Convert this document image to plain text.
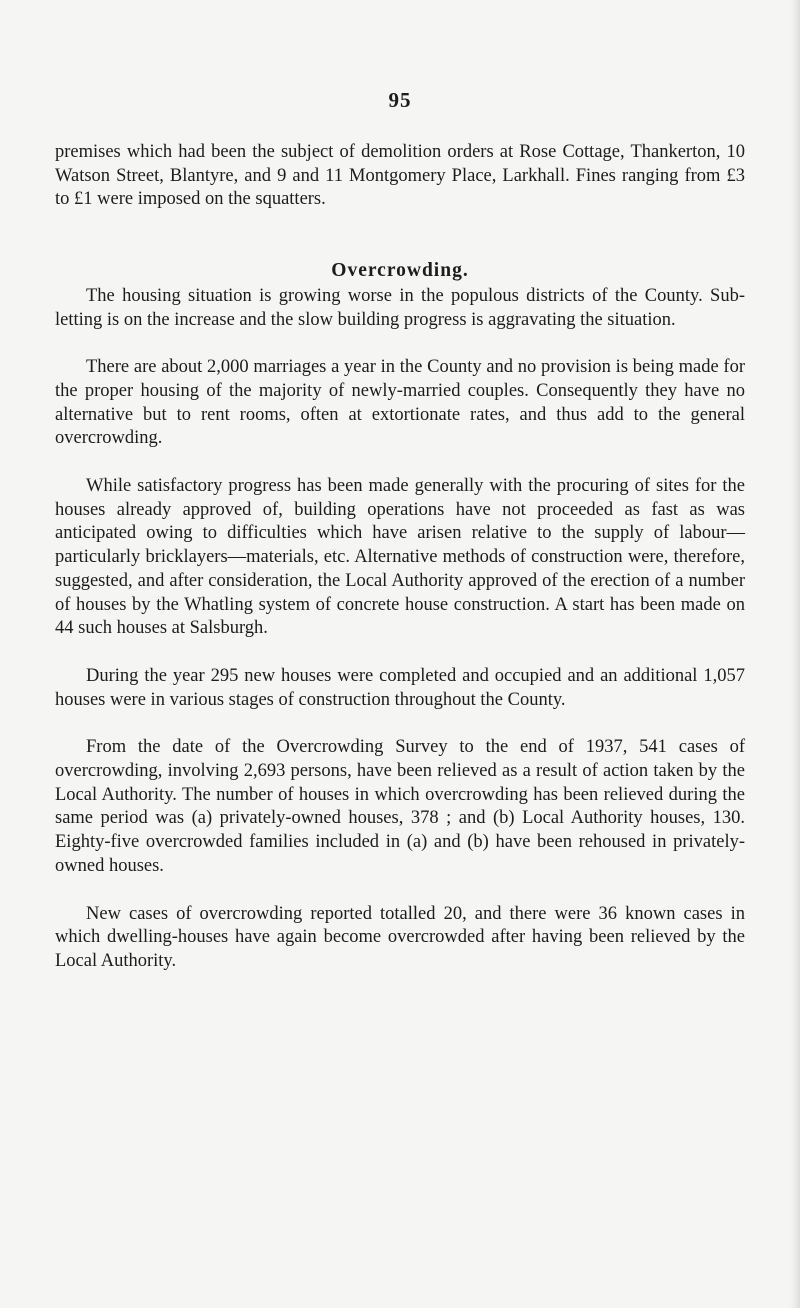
95

premises which had been the subject of demolition orders at Rose Cottage, Thankerton, 10 Watson Street, Blantyre, and 9 and 11 Montgomery Place, Larkhall. Fines ranging from £3 to £1 were imposed on the squatters.

Overcrowding.

The housing situation is growing worse in the populous districts of the County. Sub-letting is on the increase and the slow building progress is aggravating the situation.

There are about 2,000 marriages a year in the County and no provision is being made for the proper housing of the majority of newly-married couples. Consequently they have no alternative but to rent rooms, often at extortionate rates, and thus add to the general overcrowding.

While satisfactory progress has been made generally with the procuring of sites for the houses already approved of, building operations have not proceeded as fast as was anticipated owing to difficulties which have arisen relative to the supply of labour—particularly bricklayers—materials, etc. Alternative methods of construction were, therefore, suggested, and after consideration, the Local Authority approved of the erection of a number of houses by the Whatling system of concrete house construction. A start has been made on 44 such houses at Salsburgh.

During the year 295 new houses were completed and occupied and an additional 1,057 houses were in various stages of construction throughout the County.

From the date of the Overcrowding Survey to the end of 1937, 541 cases of overcrowding, involving 2,693 persons, have been relieved as a result of action taken by the Local Authority. The number of houses in which overcrowding has been relieved during the same period was (a) privately-owned houses, 378 ; and (b) Local Authority houses, 130. Eighty-five overcrowded families included in (a) and (b) have been rehoused in privately-owned houses.

New cases of overcrowding reported totalled 20, and there were 36 known cases in which dwelling-houses have again become overcrowded after having been relieved by the Local Authority.
